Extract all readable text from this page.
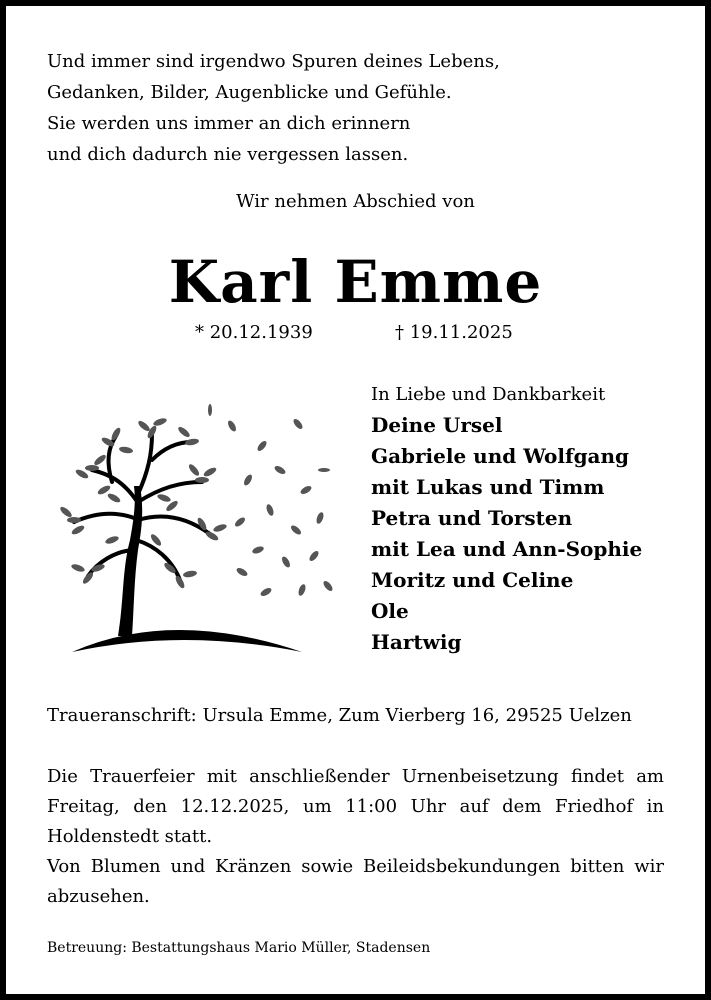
Und immer sind irgendwo Spuren deines Lebens,
Gedanken, Bilder, Augenblicke und Gefühle.
Sie werden uns immer an dich erinnern
und dich dadurch nie vergessen lassen.
Wir nehmen Abschied von
Karl Emme
* 20.12.1939	† 19.11.2025
In Liebe und Dankbarkeit
Deine Ursel
Gabriele und Wolfgang
mit Lukas und Timm
Petra und Torsten
mit Lea und Ann-Sophie
Moritz und Celine
Ole
Hartwig
Traueranschrift: Ursula Emme, Zum Vierberg 16, 29525 Uelzen

Die Trauerfeier mit anschließender Urnenbeisetzung findet am Freitag, den 12.12.2025, um 11:00 Uhr auf dem Friedhof in Holdenstedt statt.

Von Blumen und Kränzen sowie Beileidsbekundungen bitten wir abzusehen.

Betreuung: Bestattungshaus Mario Müller, Stadensen
